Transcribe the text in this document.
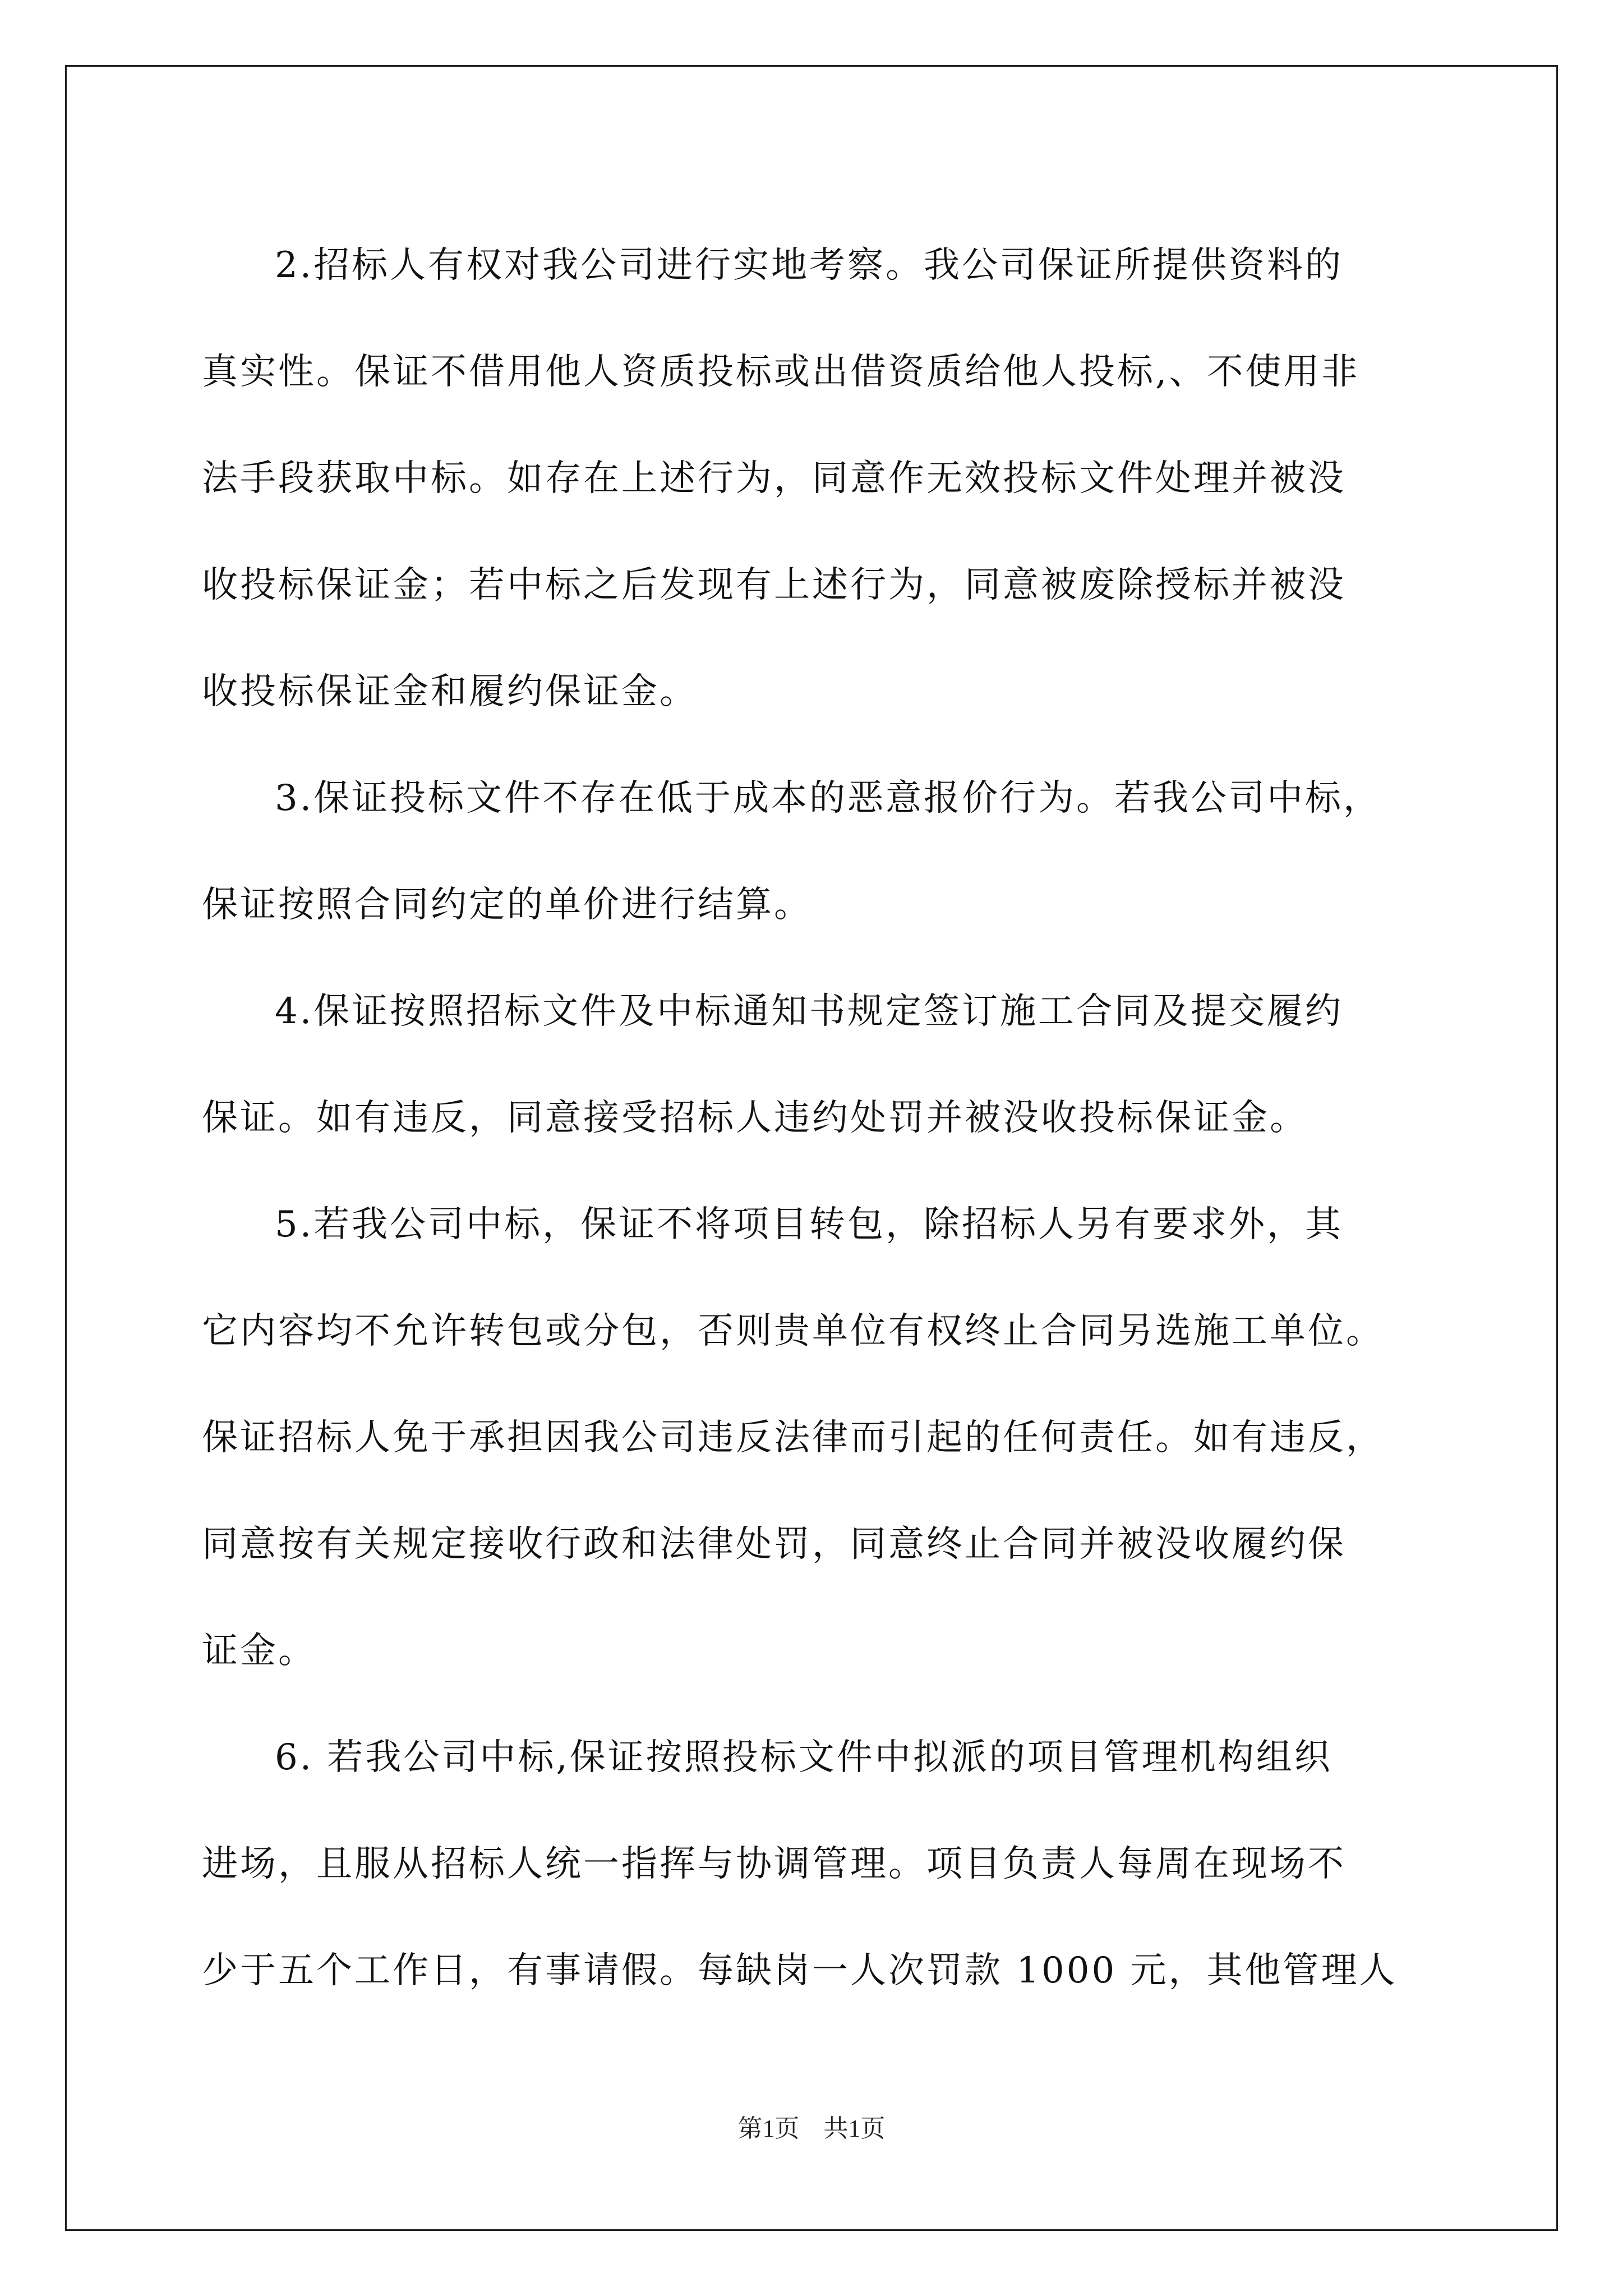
2.招标人有权对我公司进行实地考察。我公司保证所提供资料的
真实性。保证不借用他人资质投标或出借资质给他人投标,、不使用非
法手段获取中标。如存在上述行为，同意作无效投标文件处理并被没
收投标保证金；若中标之后发现有上述行为，同意被废除授标并被没
收投标保证金和履约保证金。
3.保证投标文件不存在低于成本的恶意报价行为。若我公司中标，
保证按照合同约定的单价进行结算。
4.保证按照招标文件及中标通知书规定签订施工合同及提交履约
保证。如有违反，同意接受招标人违约处罚并被没收投标保证金。
5.若我公司中标，保证不将项目转包，除招标人另有要求外，其
它内容均不允许转包或分包，否则贵单位有权终止合同另选施工单位。
保证招标人免于承担因我公司违反法律而引起的任何责任。如有违反，
同意按有关规定接收行政和法律处罚，同意终止合同并被没收履约保
证金。
6. 若我公司中标,保证按照投标文件中拟派的项目管理机构组织
进场，且服从招标人统一指挥与协调管理。项目负责人每周在现场不
少于五个工作日，有事请假。每缺岗一人次罚款 1000 元，其他管理人
第1页 共1页
